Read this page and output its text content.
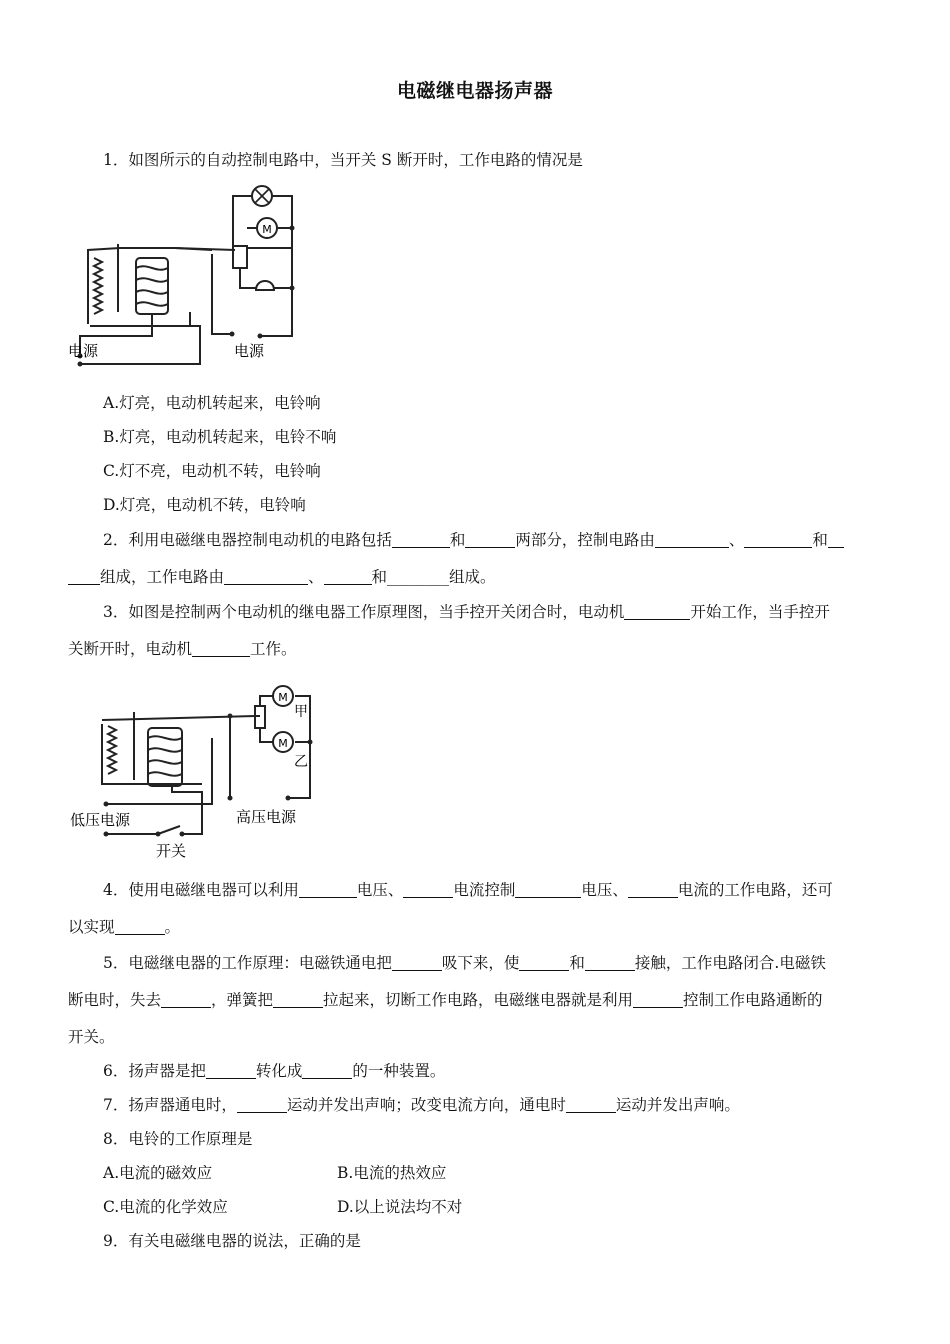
电磁继电器扬声器
1．如图所示的自动控制电路中，当开关 S 断开时，工作电路的情况是
M
电源	电源
A.灯亮，电动机转起来，电铃响
B.灯亮，电动机转起来，电铃不响
C.灯不亮，电动机不转，电铃响
D.灯亮，电动机不转，电铃响
2．利用电磁继电器控制电动机的电路包括	和	两部分，控制电路由	、	和
组成，工作电路由	、	和________组成。
3．如图是控制两个电动机的继电器工作原理图，当手控开关闭合时，电动机	开始工作，当手控开
关断开时，电动机	工作。
M
M
甲
乙
低压电源	高压电源
开关
4．使用电磁继电器可以利用	电压、	电流控制	电压、	电流的工作电路，还可
以实现	。
5．电磁继电器的工作原理：电磁铁通电把	吸下来，使	和	接触，工作电路闭合.电磁铁
断电时，失去	，弹簧把	拉起来，切断工作电路，电磁继电器就是利用	控制工作电路通断的
开关。
6．扬声器是把	转化成	的一种装置。
7．扬声器通电时，	运动并发出声响；改变电流方向，通电时	运动并发出声响。
8．电铃的工作原理是
A.电流的磁效应	B.电流的热效应
C.电流的化学效应	D.以上说法均不对
9．有关电磁继电器的说法，正确的是
